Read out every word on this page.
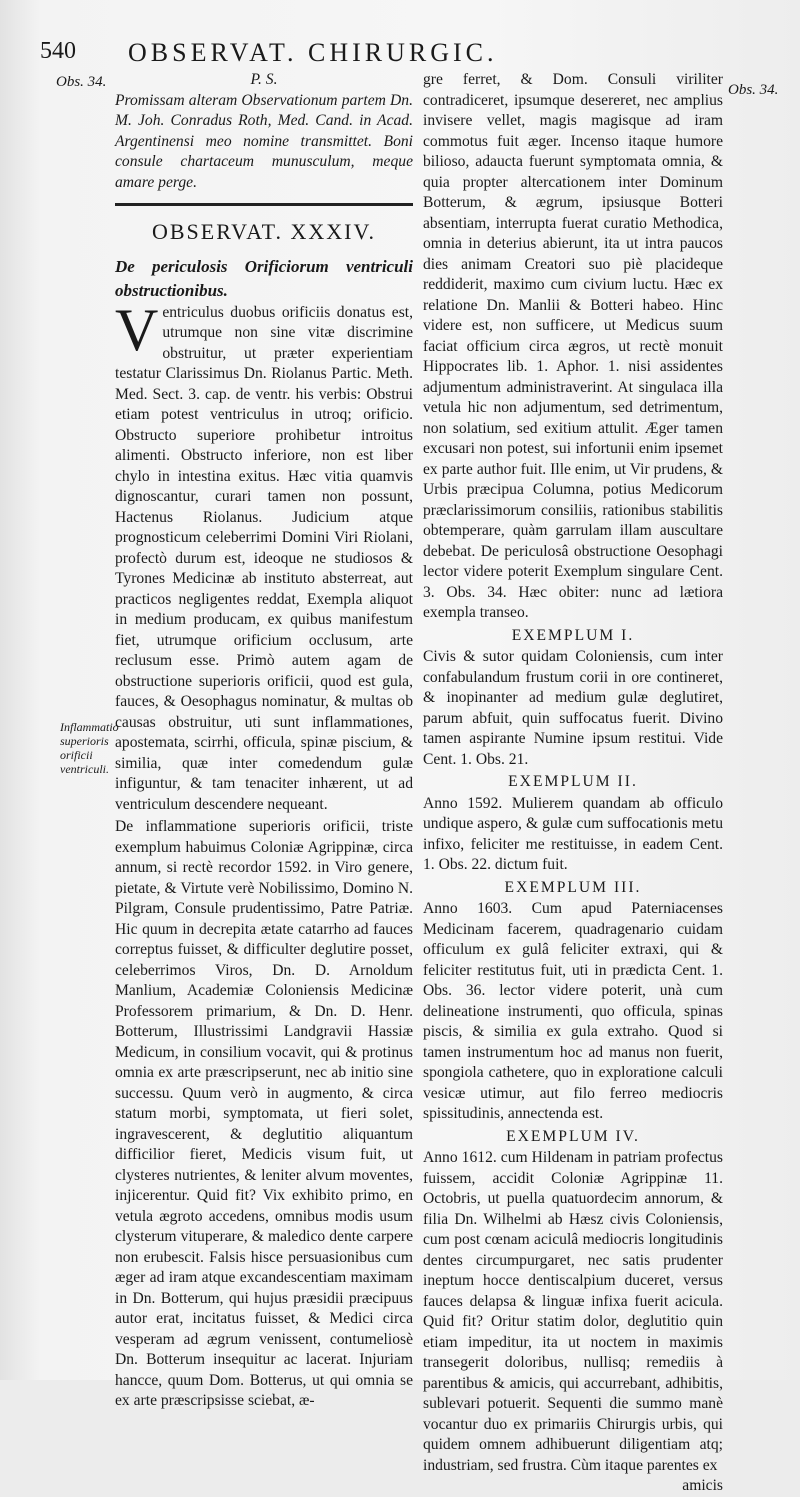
540 OBSERVAT. CHIRURGIC.
Obs. 34.	Obs. 34.
Inflammatio superioris orificii ventriculi.

P. S.

Promissam alteram Observationum partem Dn. M. Joh. Conradus Roth, Med. Cand. in Acad. Argentinensi meo nomine transmittet. Boni consule chartaceum munusculum, meque amare perge.

OBSERVAT. XXXIV.

De periculosis Orificiorum ventriculi obstructionibus.

Ventriculus duobus orificiis donatus est, utrumque non sine vitæ discrimine obstruitur, ut præter experientiam testatur Clarissimus Dn. Riolanus Partic. Meth. Med. Sect. 3. cap. de ventr. his verbis: Obstrui etiam potest ventriculus in utroq; orificio. Obstructo superiore prohibetur introitus alimenti. Obstructo inferiore, non est liber chylo in intestina exitus. Hæc vitia quamvis dignoscantur, curari tamen non possunt, Hactenus Riolanus. Judicium atque prognosticum celeberrimi Domini Viri Riolani, profectò durum est, ideoque ne studiosos & Tyrones Medicinæ ab instituto absterreat, aut practicos negligentes reddat, Exempla aliquot in medium producam, ex quibus manifestum fiet, utrumque orificium occlusum, arte reclusum esse. Primò autem agam de obstructione superioris orificii, quod est gula, fauces, & Oesophagus nominatur, & multas ob causas obstruitur, uti sunt inflammationes, apostemata, scirrhi, officula, spinæ piscium, & similia, quæ inter comedendum gulæ infiguntur, & tam tenaciter inhærent, ut ad ventriculum descendere nequeant.

De inflammatione superioris orificii, triste exemplum habuimus Coloniæ Agrippinæ, circa annum, si rectè recordor 1592. in Viro genere, pietate, & Virtute verè Nobilissimo, Domino N. Pilgram, Consule prudentissimo, Patre Patriæ. Hic quum in decrepita ætate catarrho ad fauces correptus fuisset, & difficulter deglutire posset, celeberrimos Viros, Dn. D. Arnoldum Manlium, Academiæ Coloniensis Medicinæ Professorem primarium, & Dn. D. Henr. Botterum, Illustrissimi Landgravii Hassiæ Medicum, in consilium vocavit, qui & protinus omnia ex arte præscripserunt, nec ab initio sine successu. Quum verò in augmento, & circa statum morbi, symptomata, ut fieri solet, ingravescerent, & deglutitio aliquantum difficilior fieret, Medicis visum fuit, ut clysteres nutrientes, & leniter alvum moventes, injicerentur. Quid fit? Vix exhibito primo, en vetula ægroto accedens, omnibus modis usum clysterum vituperare, & maledico dente carpere non erubescit. Falsis hisce persuasionibus cum æger ad iram atque excandescentiam maximam in Dn. Botterum, qui hujus præsidii præcipuus autor erat, incitatus fuisset, & Medici circa vesperam ad ægrum venissent, contumeliosè Dn. Botterum insequitur ac lacerat. Injuriam hancce, quum Dom. Botterus, ut qui omnia se ex arte præscripsisse sciebat, æ-

gre ferret, & Dom. Consuli viriliter contradiceret, ipsumque desereret, nec amplius invisere vellet, magis magisque ad iram commotus fuit æger. Incenso itaque humore bilioso, adaucta fuerunt symptomata omnia, & quia propter altercationem inter Dominum Botterum, & ægrum, ipsiusque Botteri absentiam, interrupta fuerat curatio Methodica, omnia in deterius abierunt, ita ut intra paucos dies animam Creatori suo piè placideque reddiderit, maximo cum civium luctu. Hæc ex relatione Dn. Manlii & Botteri habeo. Hinc videre est, non sufficere, ut Medicus suum faciat officium circa ægros, ut rectè monuit Hippocrates lib. 1. Aphor. 1. nisi assidentes adjumentum administraverint. At singulaca illa vetula hic non adjumentum, sed detrimentum, non solatium, sed exitium attulit. Æger tamen excusari non potest, sui infortunii enim ipsemet ex parte author fuit. Ille enim, ut Vir prudens, & Urbis præcipua Columna, potius Medicorum præclarissimorum consiliis, rationibus stabilitis obtemperare, quàm garrulam illam auscultare debebat. De periculosâ obstructione Oesophagi lector videre poterit Exemplum singulare Cent. 3. Obs. 34. Hæc obiter: nunc ad lætiora exempla transeo.

EXEMPLUM I.

Civis & sutor quidam Coloniensis, cum inter confabulandum frustum corii in ore contineret, & inopinanter ad medium gulæ deglutiret, parum abfuit, quin suffocatus fuerit. Divino tamen aspirante Numine ipsum restitui. Vide Cent. 1. Obs. 21.

EXEMPLUM II.

Anno 1592. Mulierem quandam ab officulo undique aspero, & gulæ cum suffocationis metu infixo, feliciter me restituisse, in eadem Cent. 1. Obs. 22. dictum fuit.

EXEMPLUM III.

Anno 1603. Cum apud Paterniacenses Medicinam facerem, quadragenario cuidam officulum ex gulâ feliciter extraxi, qui & feliciter restitutus fuit, uti in prædicta Cent. 1. Obs. 36. lector videre poterit, unà cum delineatione instrumenti, quo officula, spinas piscis, & similia ex gula extraho. Quod si tamen instrumentum hoc ad manus non fuerit, spongiola cathetere, quo in exploratione calculi vesicæ utimur, aut filo ferreo mediocris spissitudinis, annectenda est.

EXEMPLUM IV.

Anno 1612. cum Hildenam in patriam profectus fuissem, accidit Coloniæ Agrippinæ 11. Octobris, ut puella quatuordecim annorum, & filia Dn. Wilhelmi ab Hæsz civis Coloniensis, cum post cœnam aciculâ mediocris longitudinis dentes circumpurgaret, nec satis prudenter ineptum hocce dentiscalpium duceret, versus fauces delapsa & linguæ infixa fuerit acicula. Quid fit? Oritur statim dolor, deglutitio quin etiam impeditur, ita ut noctem in maximis transegerit doloribus, nullisq; remediis à parentibus & amicis, qui accurrebant, adhibitis, sublevari potuerit. Sequenti die summo manè vocantur duo ex primariis Chirurgis urbis, qui quidem omnem adhibuerunt diligentiam atq; industriam, sed frustra. Cùm itaque parentes ex

amicis
